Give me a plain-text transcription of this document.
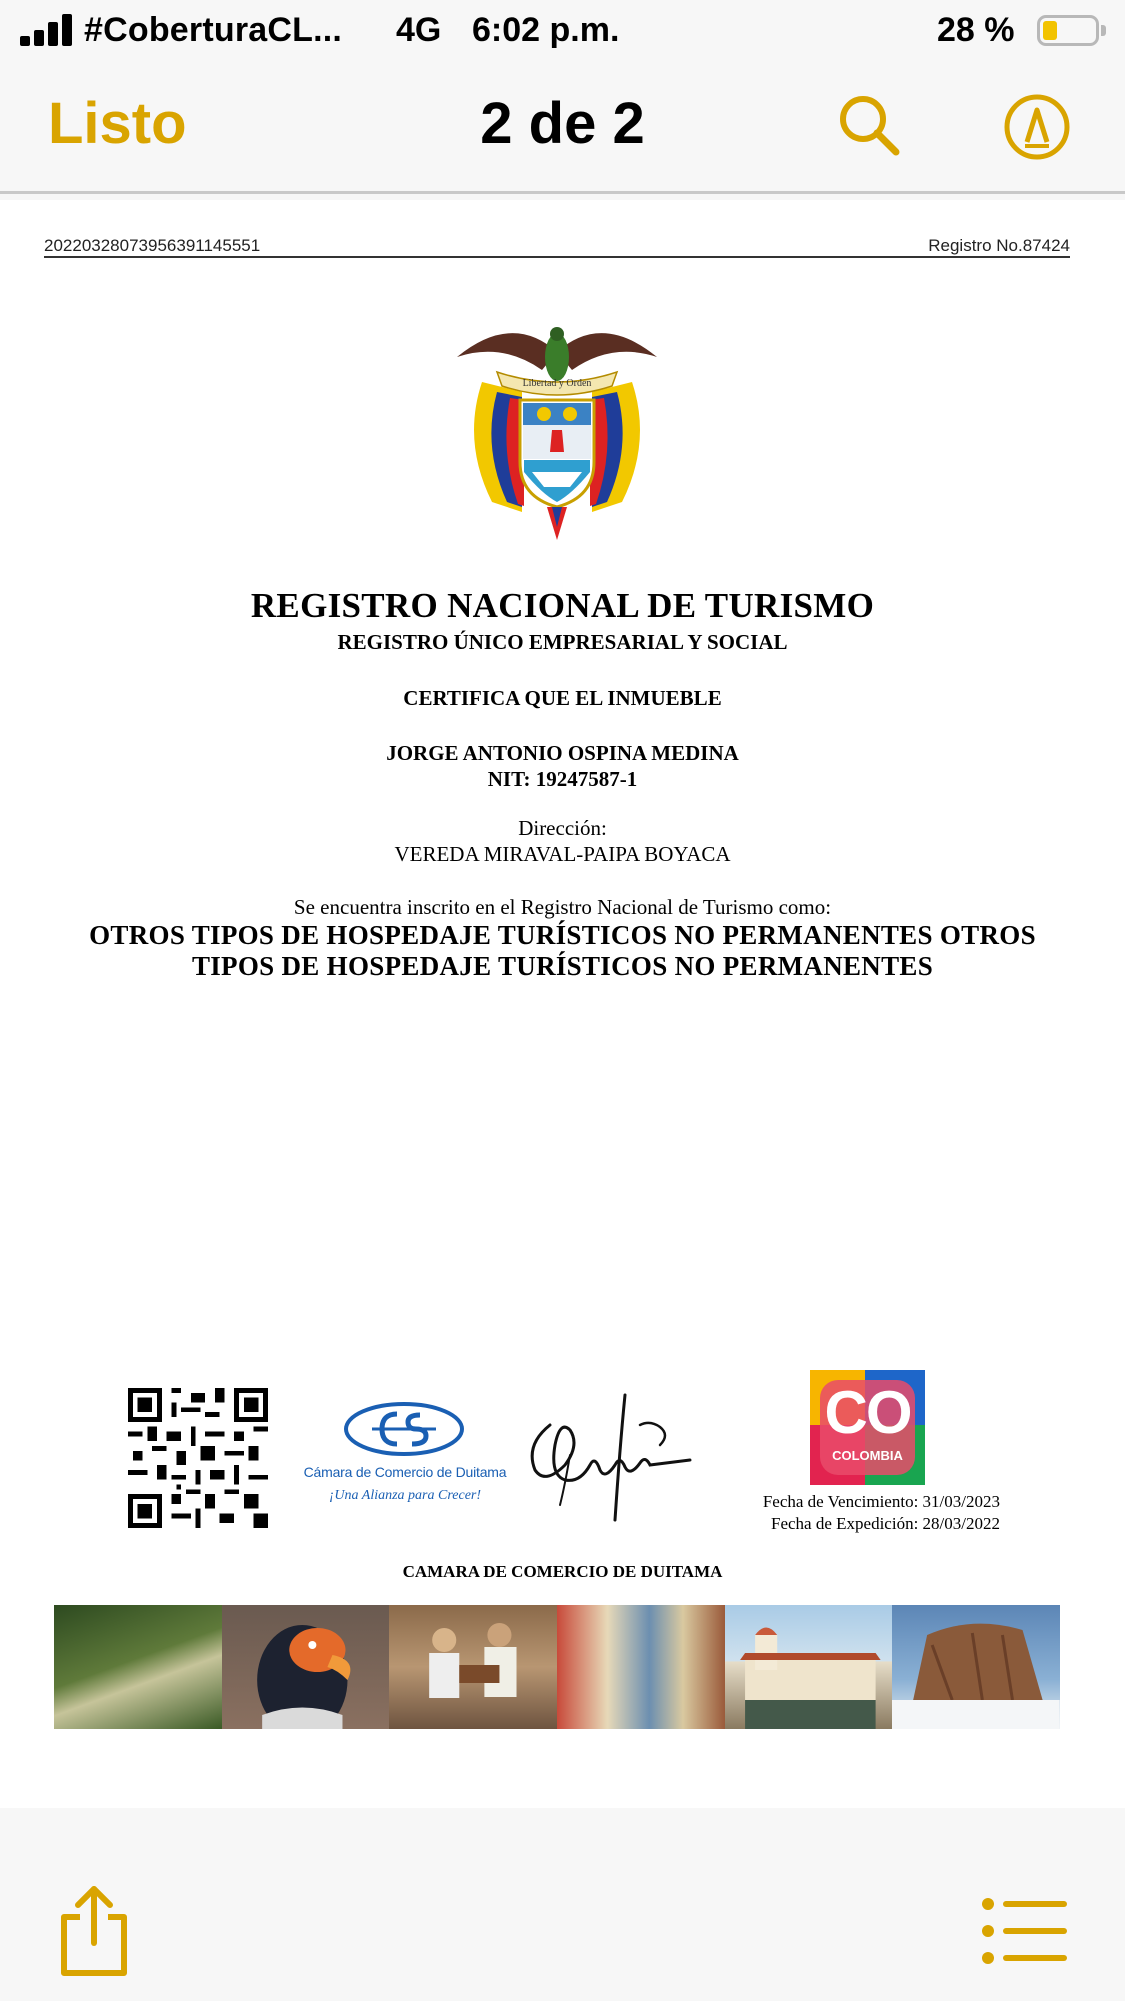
#CoberturaCL... 4G 6:02 p.m.	28 %
Listo	2 de 2
20220328073956391145551	Registro No.87424
Libertad y Orden
REGISTRO NACIONAL DE TURISMO
REGISTRO ÚNICO EMPRESARIAL Y SOCIAL
CERTIFICA QUE EL INMUEBLE
JORGE ANTONIO OSPINA MEDINA
NIT: 19247587-1
Dirección:
VEREDA MIRAVAL-PAIPA BOYACA
Se encuentra inscrito en el Registro Nacional de Turismo como:
OTROS TIPOS DE HOSPEDAJE TURÍSTICOS NO PERMANENTES OTROS TIPOS DE HOSPEDAJE TURÍSTICOS NO PERMANENTES
Cámara de Comercio de Duitama
¡Una Alianza para Crecer!
CO
COLOMBIA
Fecha de Vencimiento: 31/03/2023
Fecha de Expedición: 28/03/2022
CAMARA DE COMERCIO DE DUITAMA
